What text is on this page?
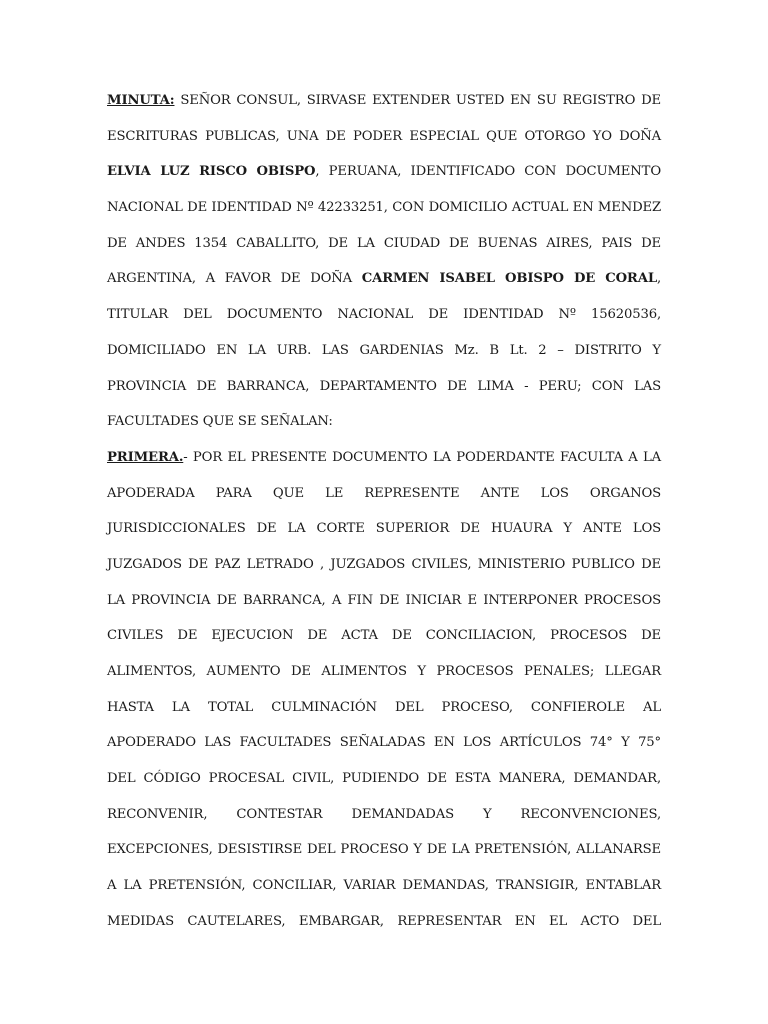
MINUTA: SEÑOR CONSUL, SIRVASE EXTENDER USTED EN SU REGISTRO DE
ESCRITURAS PUBLICAS, UNA DE PODER ESPECIAL QUE OTORGO YO DOÑA
ELVIA LUZ RISCO OBISPO, PERUANA, IDENTIFICADO CON DOCUMENTO
NACIONAL DE IDENTIDAD Nº 42233251, CON DOMICILIO ACTUAL EN MENDEZ
DE ANDES 1354 CABALLITO, DE LA CIUDAD DE BUENAS AIRES, PAIS DE
ARGENTINA, A FAVOR DE DOÑA CARMEN ISABEL OBISPO DE CORAL,
TITULAR DEL DOCUMENTO NACIONAL DE IDENTIDAD Nº 15620536,
DOMICILIADO EN LA URB. LAS GARDENIAS Mz. B Lt. 2 – DISTRITO Y
PROVINCIA DE BARRANCA, DEPARTAMENTO DE LIMA - PERU; CON LAS
FACULTADES QUE SE SEÑALAN:
PRIMERA.- POR EL PRESENTE DOCUMENTO LA PODERDANTE FACULTA A LA
APODERADA PARA QUE LE REPRESENTE ANTE LOS ORGANOS
JURISDICCIONALES DE LA CORTE SUPERIOR DE HUAURA Y ANTE LOS
JUZGADOS DE PAZ LETRADO , JUZGADOS CIVILES, MINISTERIO PUBLICO DE
LA PROVINCIA DE BARRANCA, A FIN DE INICIAR E INTERPONER PROCESOS
CIVILES DE EJECUCION DE ACTA DE CONCILIACION, PROCESOS DE
ALIMENTOS, AUMENTO DE ALIMENTOS Y PROCESOS PENALES; LLEGAR
HASTA LA TOTAL CULMINACIÓN DEL PROCESO, CONFIEROLE AL
APODERADO LAS FACULTADES SEÑALADAS EN LOS ARTÍCULOS 74° Y 75°
DEL CÓDIGO PROCESAL CIVIL, PUDIENDO DE ESTA MANERA, DEMANDAR,
RECONVENIR, CONTESTAR DEMANDADAS Y RECONVENCIONES,
EXCEPCIONES, DESISTIRSE DEL PROCESO Y DE LA PRETENSIÓN, ALLANARSE
A LA PRETENSIÓN, CONCILIAR, VARIAR DEMANDAS, TRANSIGIR, ENTABLAR
MEDIDAS CAUTELARES, EMBARGAR, REPRESENTAR EN EL ACTO DEL
